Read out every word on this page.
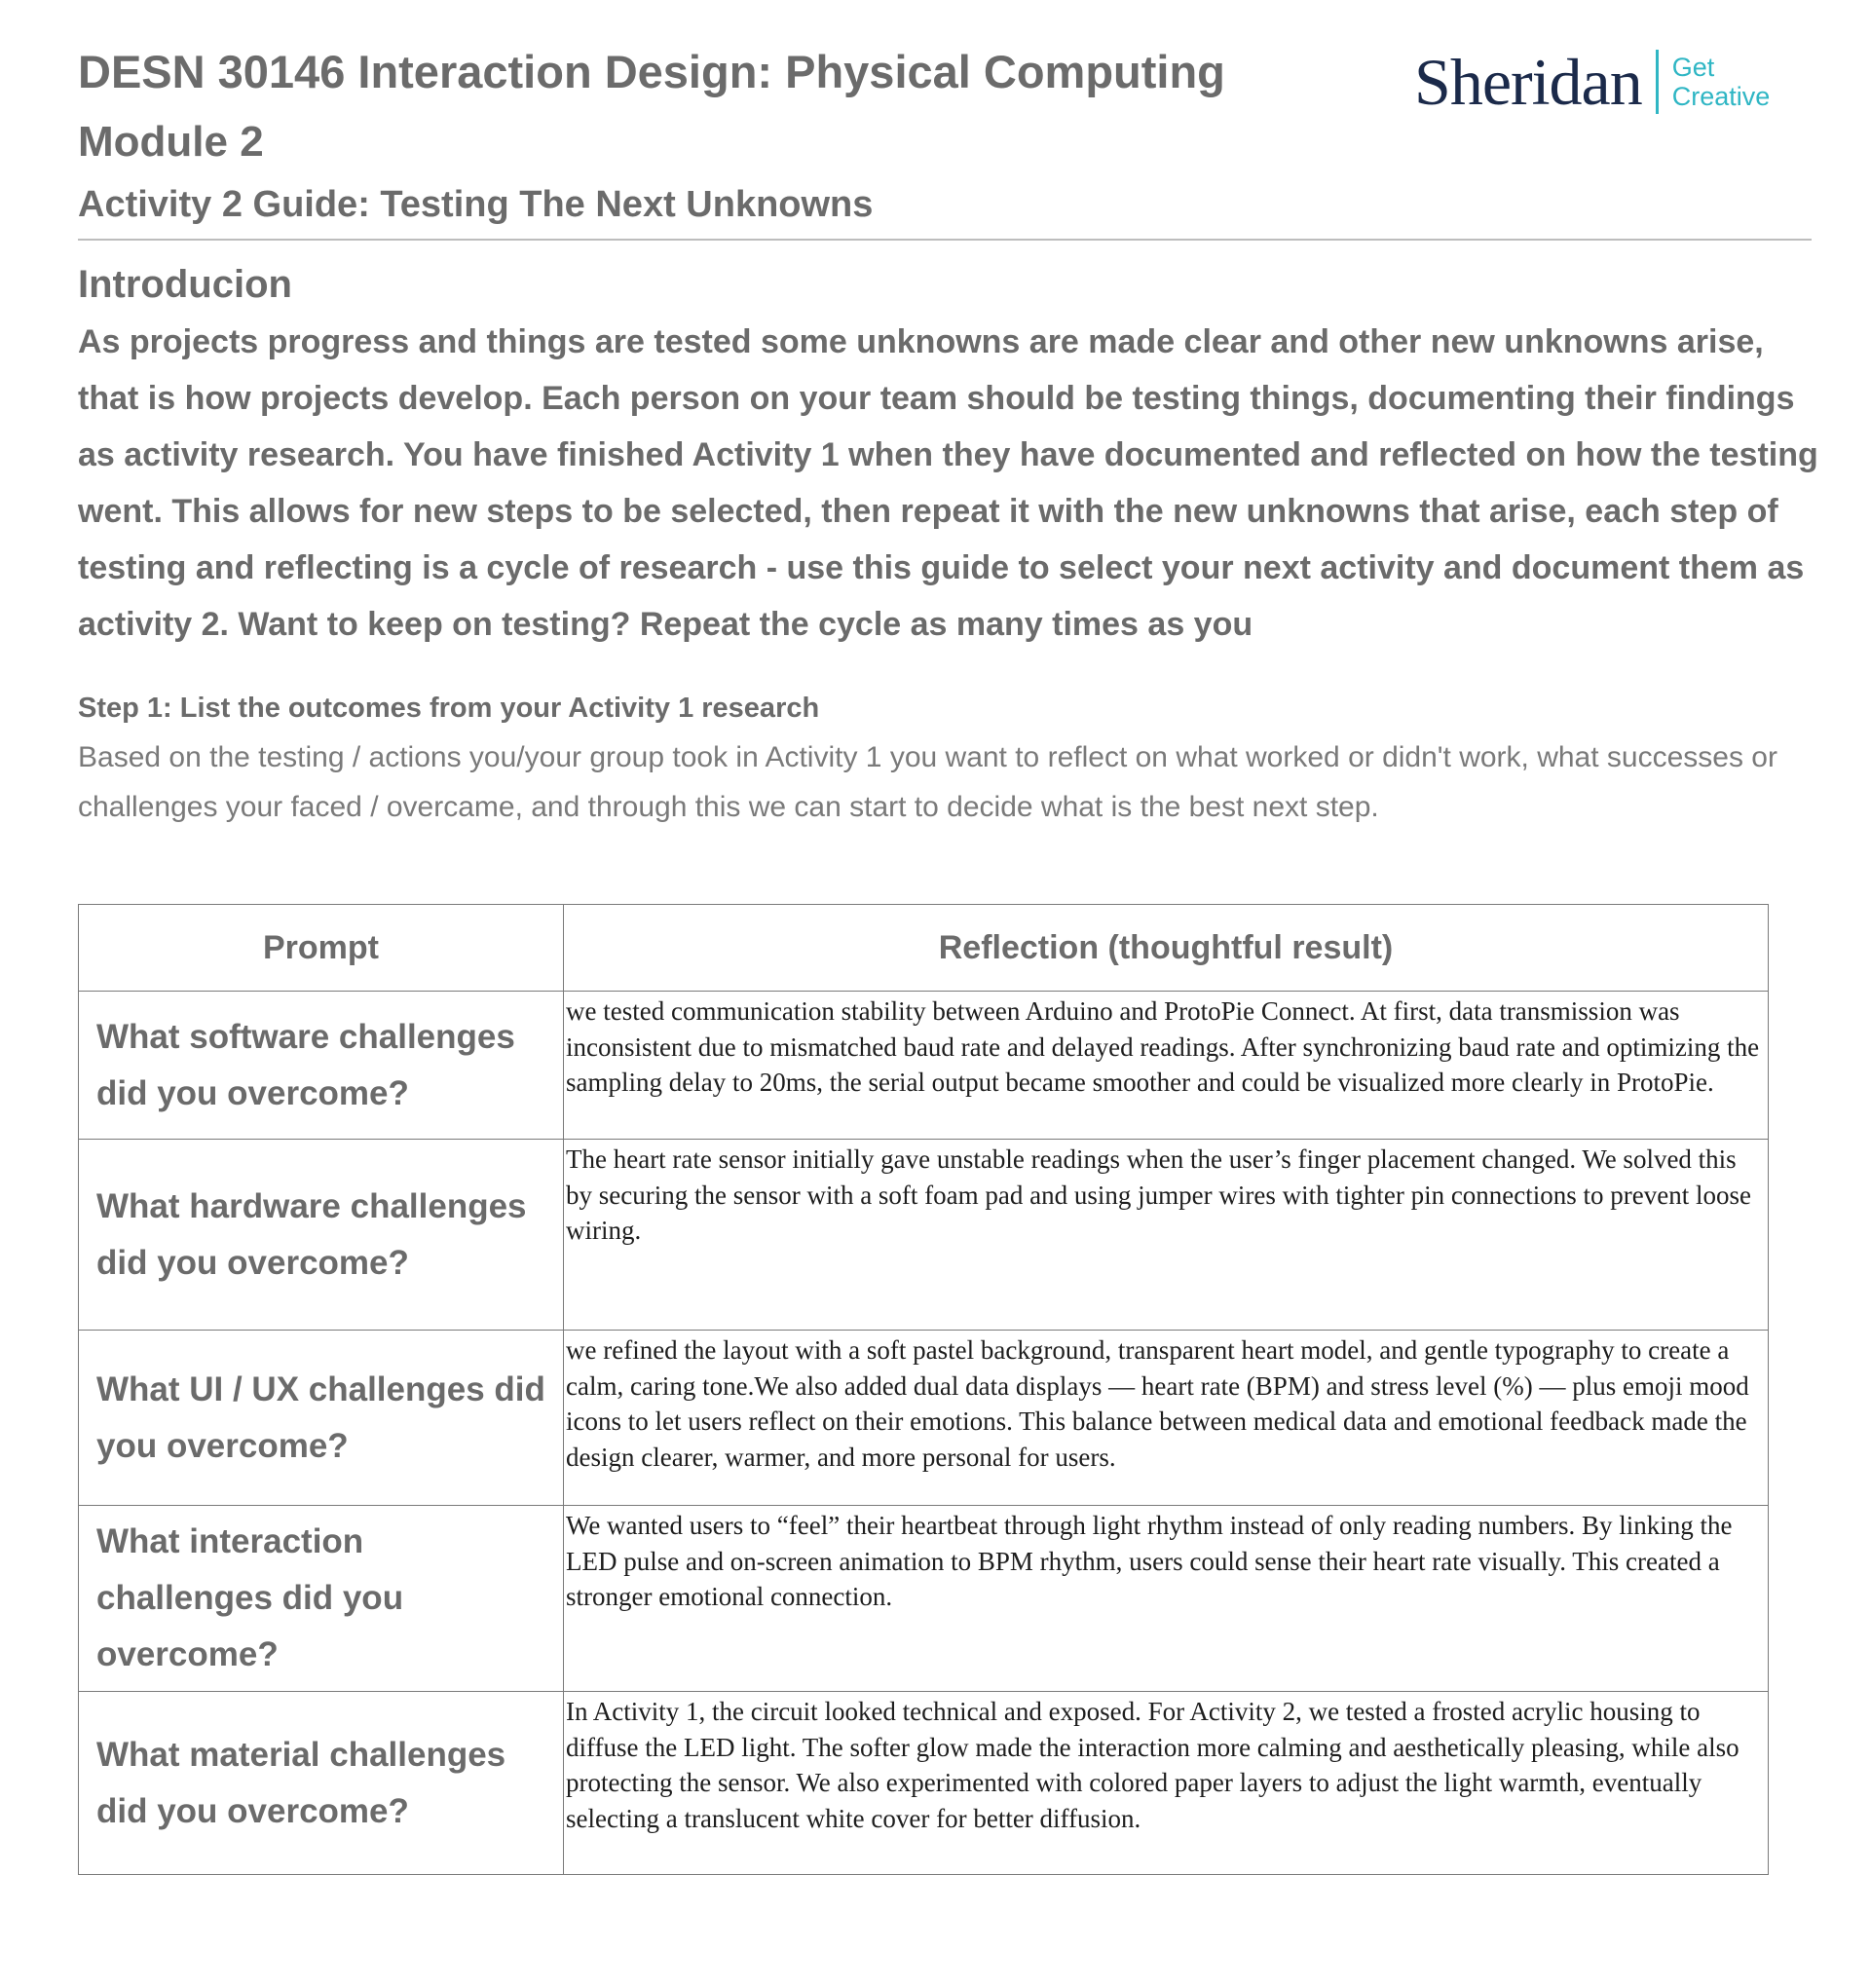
DESN 30146 Interaction Design: Physical Computing
Module 2
Activity 2 Guide: Testing The Next Unknowns
Sheridan Get
Creative
Introducion
As projects progress and things are tested some unknowns are made clear and other new unknowns arise, that is how projects develop. Each person on your team should be testing things, documenting their findings as activity research. You have finished Activity 1 when they have documented and reflected on how the testing went. This allows for new steps to be selected, then repeat it with the new unknowns that arise, each step of testing and reflecting is a cycle of research - use this guide to select your next activity and document them as activity 2. Want to keep on testing? Repeat the cycle as many times as you
Step 1: List the outcomes from your Activity 1 research
Based on the testing / actions you/your group took in Activity 1 you want to reflect on what worked or didn't work, what successes or challenges your faced / overcame, and through this we can start to decide what is the best next step.
Prompt	Reflection (thoughtful result)
What software challenges did you overcome?	we tested communication stability between Arduino and ProtoPie Connect. At first, data transmission was inconsistent due to mismatched baud rate and delayed readings. After synchronizing baud rate and optimizing the sampling delay to 20ms, the serial output became smoother and could be visualized more clearly in ProtoPie.
What hardware challenges did you overcome?	The heart rate sensor initially gave unstable readings when the user’s finger placement changed. We solved this by securing the sensor with a soft foam pad and using jumper wires with tighter pin connections to prevent loose wiring.
What UI / UX challenges did you overcome?	we refined the layout with a soft pastel background, transparent heart model, and gentle typography to create a calm, caring tone.We also added dual data displays — heart rate (BPM) and stress level (%) — plus emoji mood icons to let users reflect on their emotions. This balance between medical data and emotional feedback made the design clearer, warmer, and more personal for users.
What interaction challenges did you overcome?	We wanted users to “feel” their heartbeat through light rhythm instead of only reading numbers. By linking the LED pulse and on-screen animation to BPM rhythm, users could sense their heart rate visually. This created a stronger emotional connection.
What material challenges did you overcome?	In Activity 1, the circuit looked technical and exposed. For Activity 2, we tested a frosted acrylic housing to diffuse the LED light. The softer glow made the interaction more calming and aesthetically pleasing, while also protecting the sensor. We also experimented with colored paper layers to adjust the light warmth, eventually selecting a translucent white cover for better diffusion.
